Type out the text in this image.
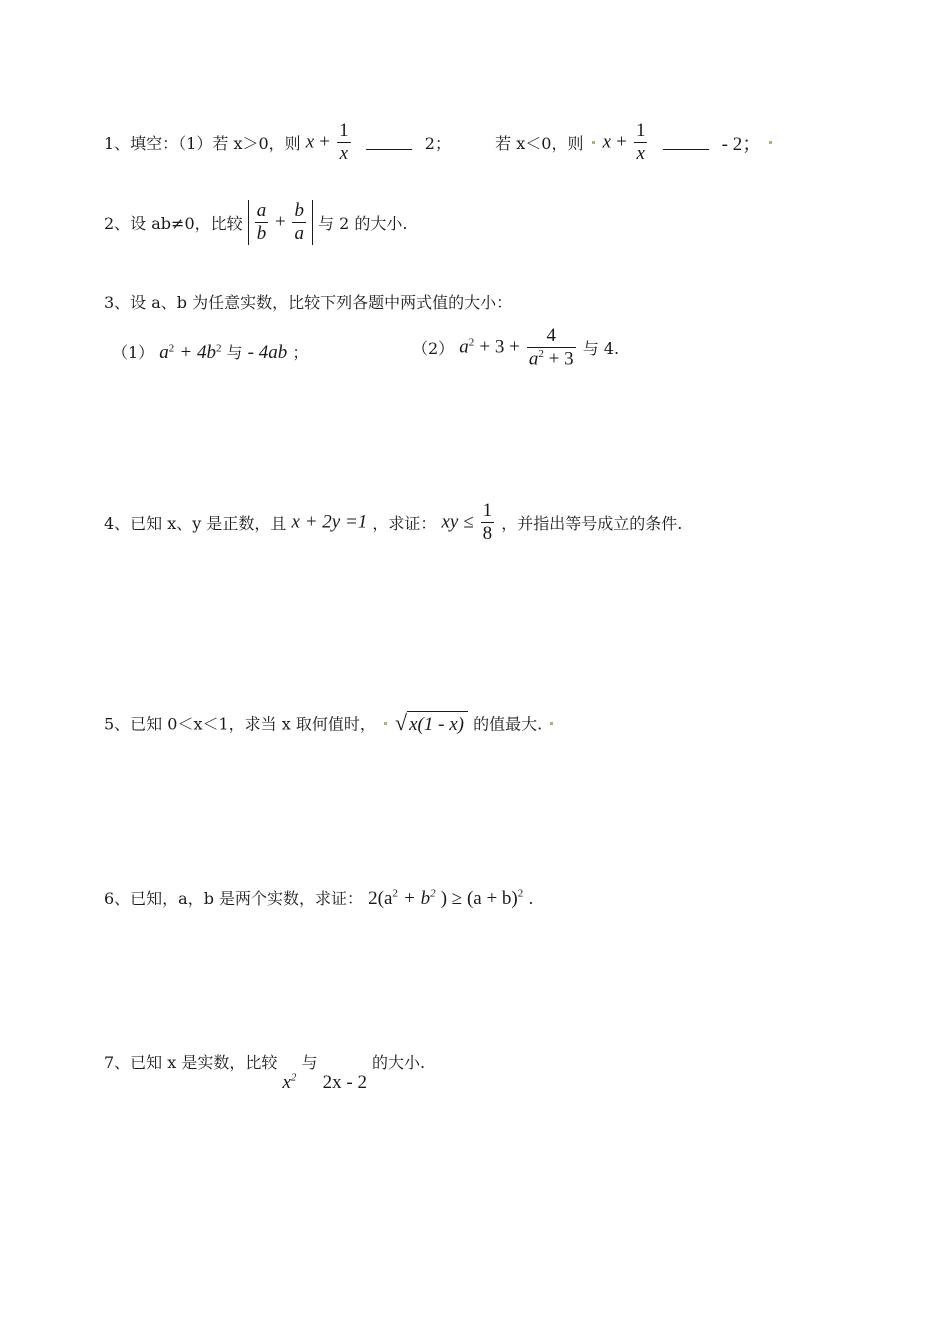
1、填空：（1）若 x＞0，则 $x + \frac{1}{x}$	2；	若 x＜0，则 $x + \frac{1}{x}$	- 2；
2、设 ab≠0，比较 $\frac{a}{b} + \frac{b}{a}$ 与 2 的大小.
3、设 a、b 为任意实数，比较下列各题中两式值的大小：
（1） $a^2 + 4b^2$ 与 - 4ab ；	（2） $a^2 + 3 + \frac{4}{a^2 + 3}$ 与 4.
4、已知 x、y 是正数，且 x + 2y =1 ，求证： xy ≤ $\frac{1}{8}$ ，并指出等号成立的条件.
5、已知 0＜x＜1，求当 x 取何值时， √ x(1 - x) 的值最大.
6、已知，a，b 是两个实数，求证： $2(a^2 + b^2$ ) ≥ $(a + b)^2$ .
7、已知 x 是实数，比较 $x^2$ 与 2x - 2 的大小.
